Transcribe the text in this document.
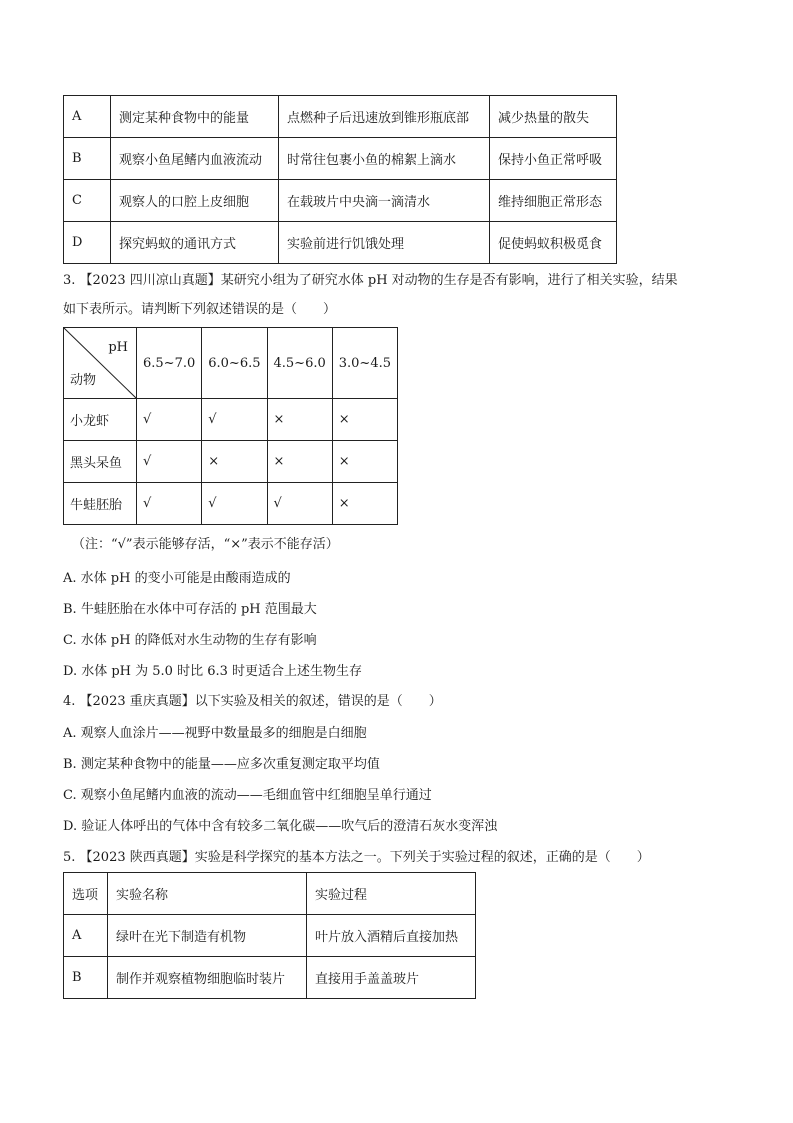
A	测定某种食物中的能量	点燃种子后迅速放到锥形瓶底部	减少热量的散失
B	观察小鱼尾鳍内血液流动	时常往包裹小鱼的棉絮上滴水	保持小鱼正常呼吸
C	观察人的口腔上皮细胞	在载玻片中央滴一滴清水	维持细胞正常形态
D	探究蚂蚁的通讯方式	实验前进行饥饿处理	促使蚂蚁积极觅食
3. 【2023 四川凉山真题】某研究小组为了研究水体 pH 对动物的生存是否有影响，进行了相关实验，结果
如下表所示。请判断下列叙述错误的是（　　）
pH
动物	6.5~7.0	6.0~6.5	4.5~6.0	3.0~4.5
小龙虾	√	√	×	×
黑头呆鱼	√	×	×	×
牛蛙胚胎	√	√	√	×
（注：“√”表示能够存活，“×”表示不能存活）
A. 水体 pH 的变小可能是由酸雨造成的
B. 牛蛙胚胎在水体中可存活的 pH 范围最大
C. 水体 pH 的降低对水生动物的生存有影响
D. 水体 pH 为 5.0 时比 6.3 时更适合上述生物生存
4. 【2023 重庆真题】以下实验及相关的叙述，错误的是（　　）
A. 观察人血涂片——视野中数量最多的细胞是白细胞
B. 测定某种食物中的能量——应多次重复测定取平均值
C. 观察小鱼尾鳍内血液的流动——毛细血管中红细胞呈单行通过
D. 验证人体呼出的气体中含有较多二氧化碳——吹气后的澄清石灰水变浑浊
5. 【2023 陕西真题】实验是科学探究的基本方法之一。下列关于实验过程的叙述，正确的是（　　）
选项	实验名称	实验过程
A	绿叶在光下制造有机物	叶片放入酒精后直接加热
B	制作并观察植物细胞临时装片	直接用手盖盖玻片
